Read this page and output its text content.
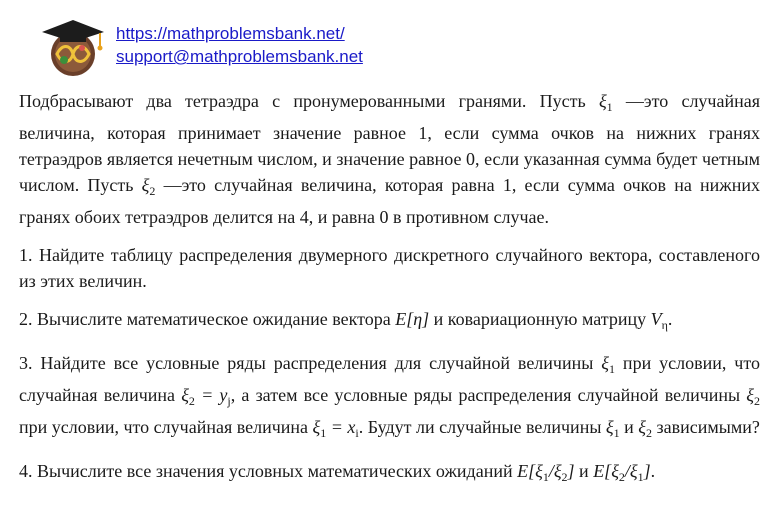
https://mathproblemsbank.net/
support@mathproblemsbank.net

Подбрасывают два тетраэдра с пронумерованными гранями. Пусть $\xi_1$ —это случайная величина, которая принимает значение равное 1, если сумма очков на нижних гранях тетраэдров является нечетным числом, и значение равное 0, если указанная сумма будет четным числом. Пусть $\xi_2$ —это случайная величина, которая равна 1, если сумма очков на нижних гранях обоих тетраэдров делится на 4, и равна 0 в противном случае.

1. Найдите таблицу распределения двумерного дискретного случайного вектора, составленого из этих величин.

2. Вычислите математическое ожидание вектора E[η] и ковариационную матрицу $V_\eta$.

3. Найдите все условные ряды распределения для случайной величины $\xi_1$ при условии, что случайная величина $\xi_2 = y_j$, а затем все условные ряды распределения случайной величины $\xi_2$ при условии, что случайная величина $\xi_1 = x_i$. Будут ли случайные величины $\xi_1$ и $\xi_2$ зависимыми?

4. Вычислите все значения условных математических ожиданий $E[\xi_1/\xi_2]$ и $E[\xi_2/\xi_1]$.
